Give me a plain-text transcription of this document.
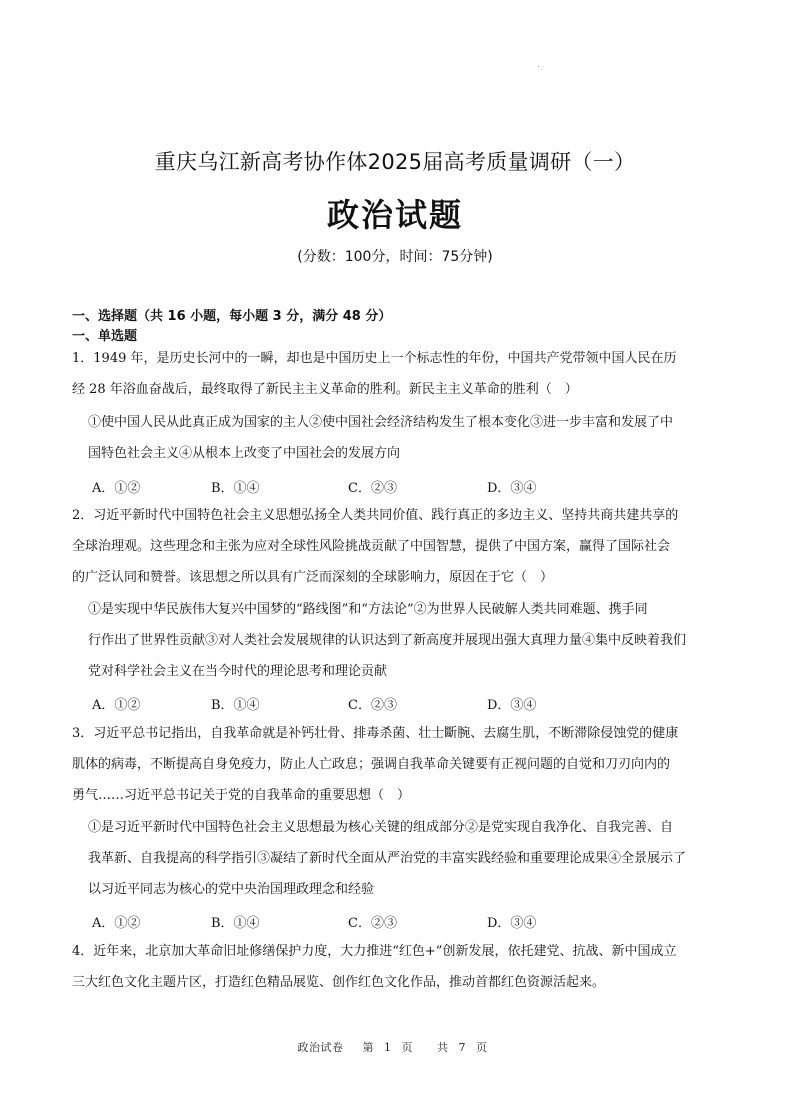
重庆乌江新高考协作体2025届高考质量调研（一）
政治试题
(分数：100分，时间：75分钟)
一、选择题（共 16 小题，每小题 3 分，满分 48 分）
一、单选题
1．1949 年，是历史长河中的一瞬，却也是中国历史上一个标志性的年份，中国共产党带领中国人民在历
经 28 年浴血奋战后，最终取得了新民主主义革命的胜利。新民主主义革命的胜利（　）
①使中国人民从此真正成为国家的主人②使中国社会经济结构发生了根本变化③进一步丰富和发展了中
国特色社会主义④从根本上改变了中国社会的发展方向
A．①②	B．①④	C．②③	D．③④
2．习近平新时代中国特色社会主义思想弘扬全人类共同价值、践行真正的多边主义、坚持共商共建共享的
全球治理观。这些理念和主张为应对全球性风险挑战贡献了中国智慧，提供了中国方案，赢得了国际社会
的广泛认同和赞誉。该思想之所以具有广泛而深刻的全球影响力，原因在于它（　）
①是实现中华民族伟大复兴中国梦的“路线图”和“方法论”②为世界人民破解人类共同难题、携手同
行作出了世界性贡献③对人类社会发展规律的认识达到了新高度并展现出强大真理力量④集中反映着我们
党对科学社会主义在当今时代的理论思考和理论贡献
A．①②	B．①④	C．②③	D．③④
3．习近平总书记指出，自我革命就是补钙壮骨、排毒杀菌、壮士斷腕、去腐生肌，不断滞除侵蚀党的健康
肌体的病毒，不断提高自身免疫力，防止人亡政息；强调自我革命关键要有正视问题的自觉和刀刃向内的
勇气……习近平总书记关于党的自我革命的重要思想（　）
①是习近平新时代中国特色社会主义思想最为核心关键的组成部分②是党实现自我净化、自我完善、自
我革新、自我提高的科学指引③凝结了新时代全面从严治党的丰富实践经验和重要理论成果④全景展示了
以习近平同志为核心的党中央治国理政理念和经验
A．①②	B．①④	C．②③	D．③④
4．近年来，北京加大革命旧址修缮保护力度，大力推进“红色+”创新发展，依托建党、抗战、新中国成立
三大红色文化主题片区，打造红色精品展览、创作红色文化作品，推动首都红色资源活起来。
政治试卷 第 1 页 共 7 页
